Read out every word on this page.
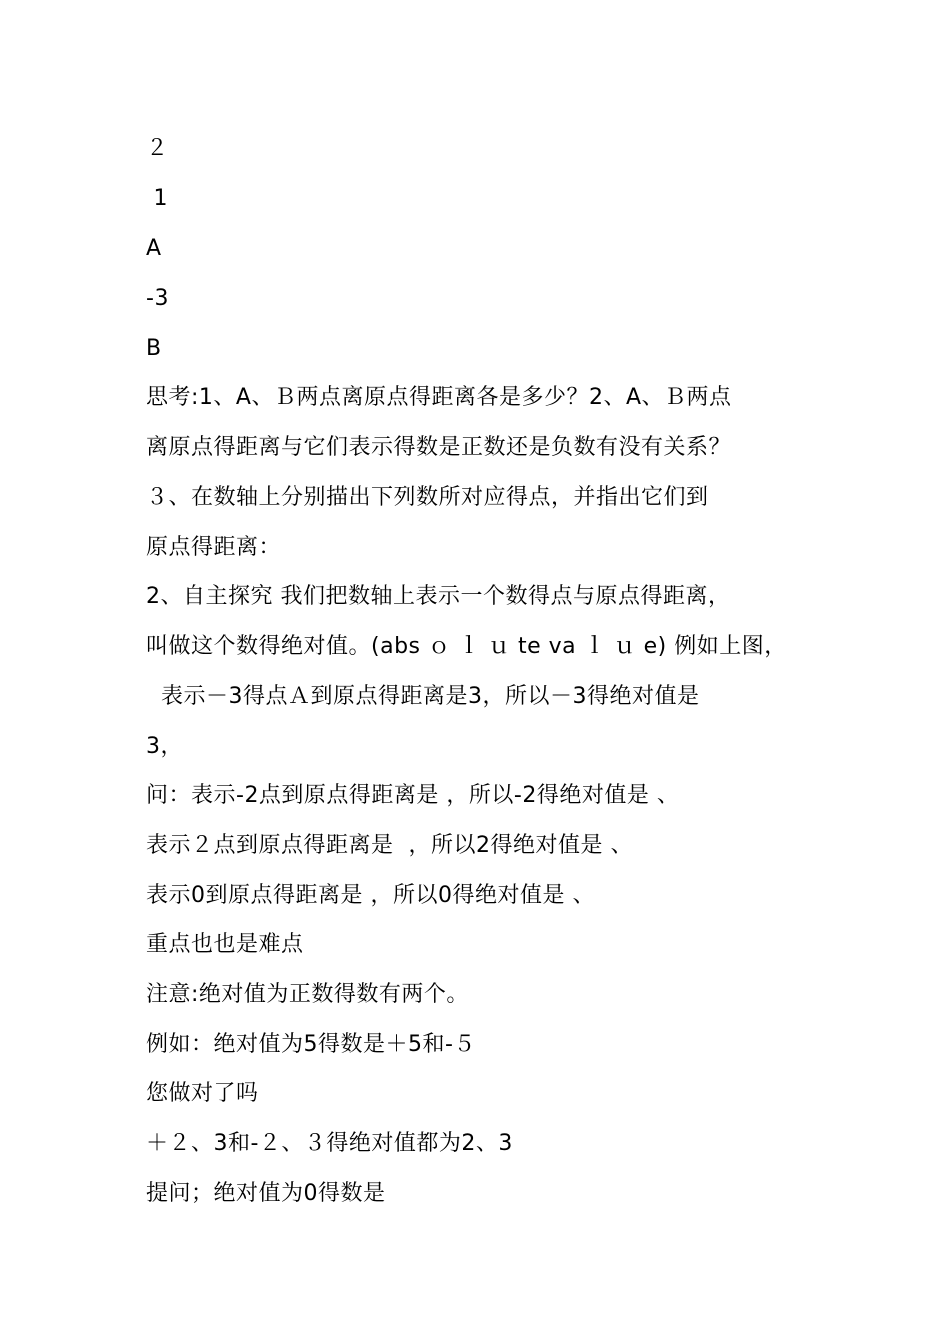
２
1
A
-3
B
思考:1、A、Ｂ两点离原点得距离各是多少？2、A、Ｂ两点
离原点得距离与它们表示得数是正数还是负数有没有关系？
３、在数轴上分别描出下列数所对应得点，并指出它们到
原点得距离：
2、自主探究 我们把数轴上表示一个数得点与原点得距离，
叫做这个数得绝对值。(abs ｏ ｌ ｕ te va ｌ ｕ e) 例如上图，
表示－3得点Ａ到原点得距离是3，所以－3得绝对值是
3，
问：表示-2点到原点得距离是 ，所以-2得绝对值是 、
表示２点到原点得距离是  ，所以2得绝对值是 、
表示0到原点得距离是 ，所以0得绝对值是 、
重点也也是难点
注意:绝对值为正数得数有两个。
例如：绝对值为5得数是＋5和-５
您做对了吗
＋２、3和-２、３得绝对值都为2、3
提问；绝对值为0得数是
